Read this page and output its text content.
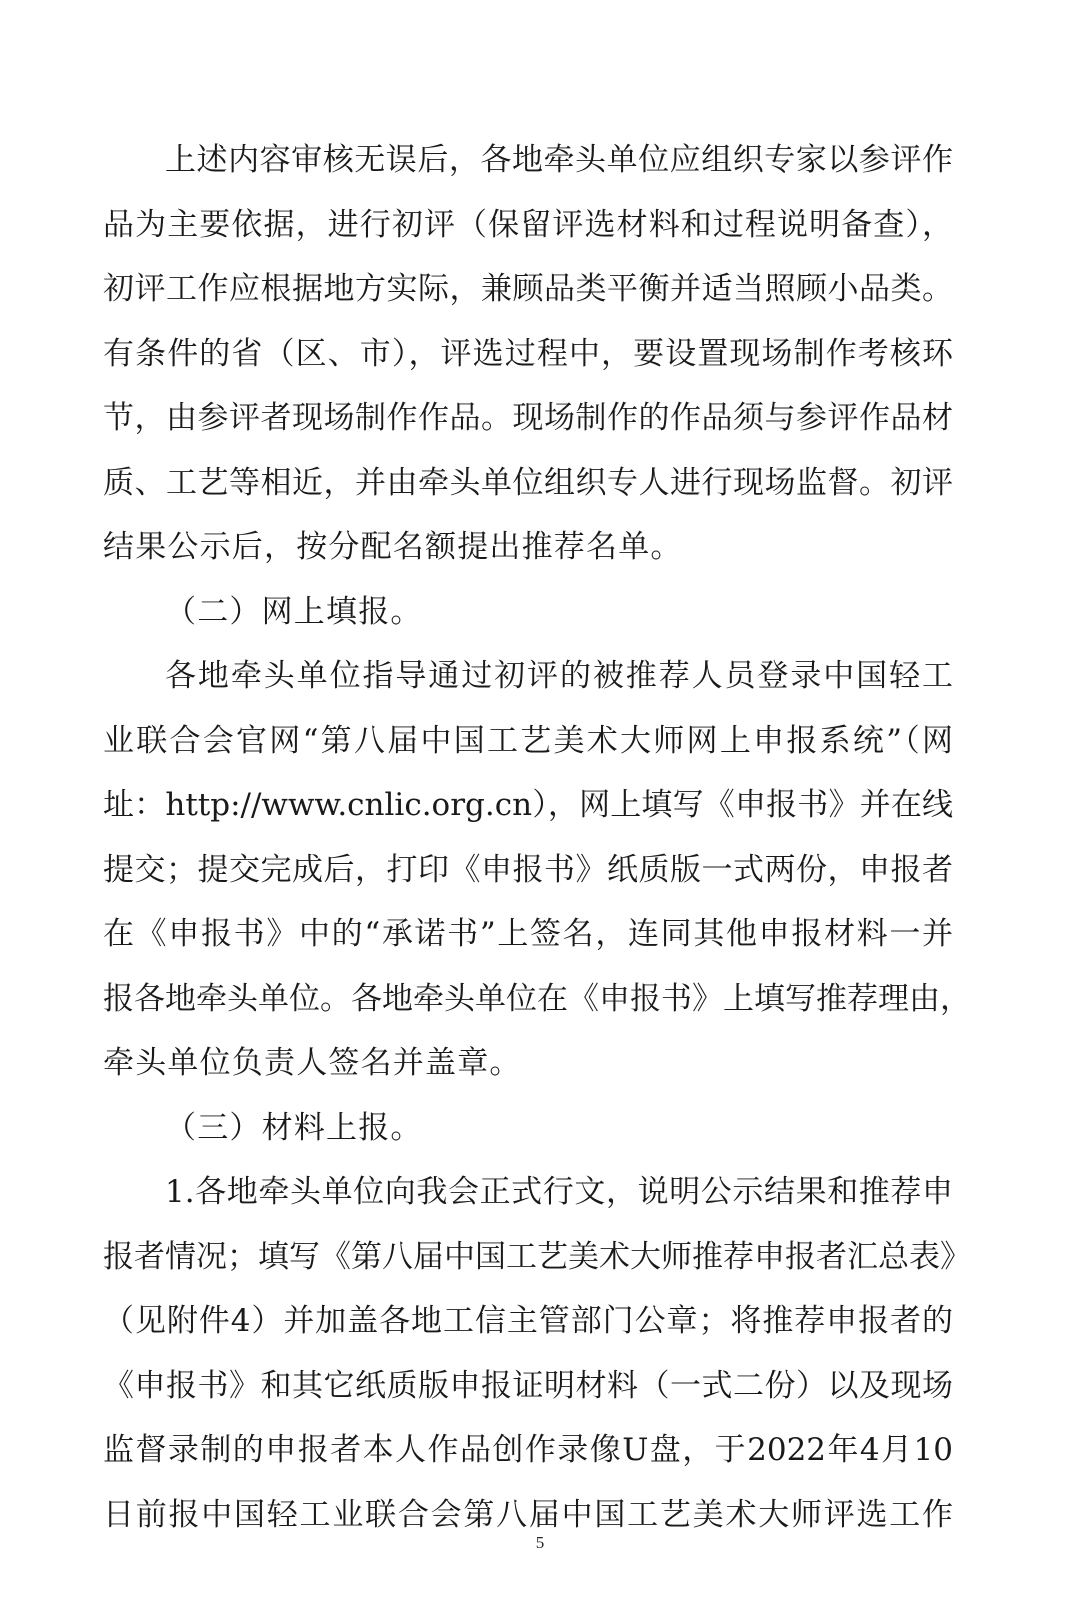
上述内容审核无误后，各地牵头单位应组织专家以参评作
品为主要依据，进行初评（保留评选材料和过程说明备查），
初评工作应根据地方实际，兼顾品类平衡并适当照顾小品类。
有条件的省（区、市），评选过程中，要设置现场制作考核环
节，由参评者现场制作作品。现场制作的作品须与参评作品材
质、工艺等相近，并由牵头单位组织专人进行现场监督。初评
结果公示后，按分配名额提出推荐名单。
（二）网上填报。
各地牵头单位指导通过初评的被推荐人员登录中国轻工
业联合会官网“第八届中国工艺美术大师网上申报系统”（网
址：http://www.cnlic.org.cn），网上填写《申报书》并在线
提交；提交完成后，打印《申报书》纸质版一式两份，申报者
在《申报书》中的“承诺书”上签名，连同其他申报材料一并
报各地牵头单位。各地牵头单位在《申报书》上填写推荐理由，
牵头单位负责人签名并盖章。
（三）材料上报。
1.各地牵头单位向我会正式行文，说明公示结果和推荐申
报者情况；填写《第八届中国工艺美术大师推荐申报者汇总表》
（见附件4）并加盖各地工信主管部门公章；将推荐申报者的
《申报书》和其它纸质版申报证明材料（一式二份）以及现场
监督录制的申报者本人作品创作录像U盘，于2022年4月10
日前报中国轻工业联合会第八届中国工艺美术大师评选工作
5
